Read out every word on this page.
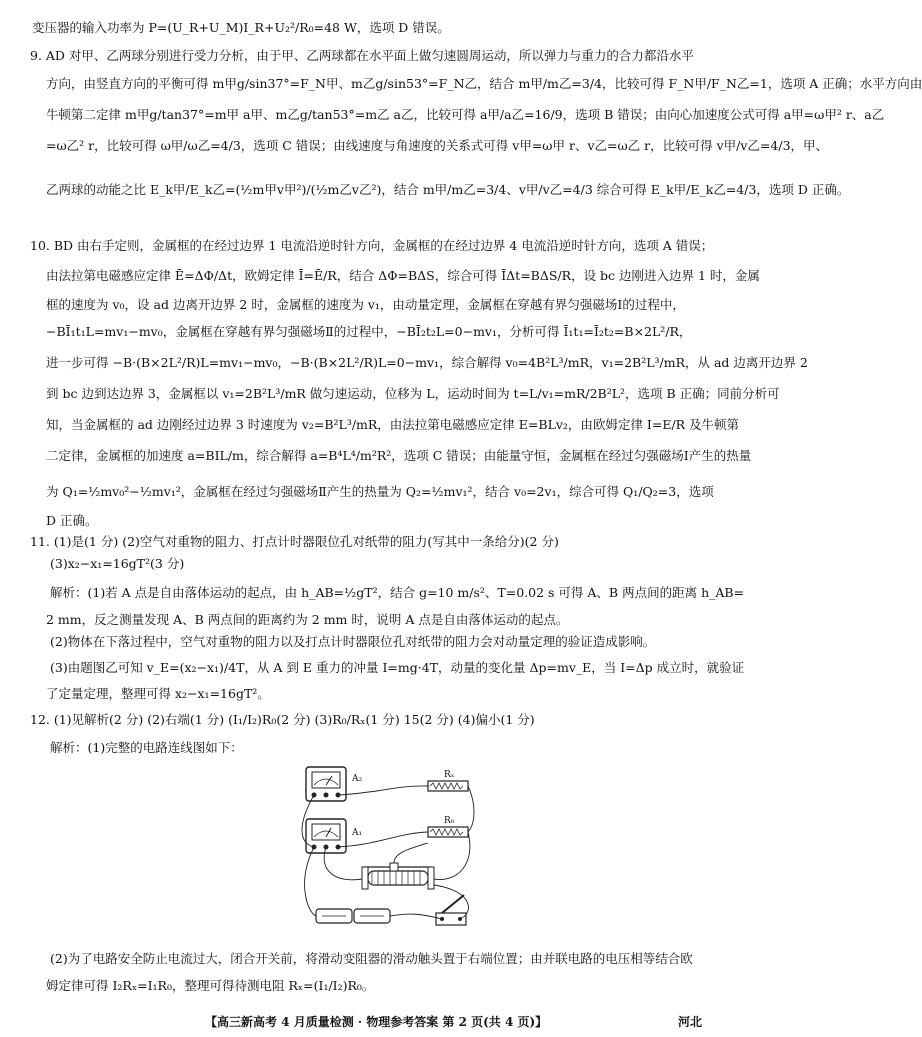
变压器的输入功率为 P=(U_R+U_M)I_R+U₂²/R₀=48 W，选项 D 错误。
9. AD 对甲、乙两球分别进行受力分析，由于甲、乙两球都在水平面上做匀速圆周运动，所以弹力与重力的合力都沿水平
方向，由竖直方向的平衡可得 m甲g/sin37°=F_N甲、m乙g/sin53°=F_N乙，结合 m甲/m乙=3/4，比较可得 F_N甲/F_N乙=1，选项 A 正确；水平方向由
牛顿第二定律 m甲g/tan37°=m甲 a甲、m乙g/tan53°=m乙 a乙，比较可得 a甲/a乙=16/9，选项 B 错误；由向心加速度公式可得 a甲=ω甲² r、a乙
=ω乙² r，比较可得 ω甲/ω乙=4/3，选项 C 错误；由线速度与角速度的关系式可得 v甲=ω甲 r、v乙=ω乙 r，比较可得 v甲/v乙=4/3，甲、
乙两球的动能之比 E_k甲/E_k乙=(½m甲v甲²)/(½m乙v乙²)，结合 m甲/m乙=3/4、v甲/v乙=4/3 综合可得 E_k甲/E_k乙=4/3，选项 D 正确。
10. BD 由右手定则，金属框的在经过边界 1 电流沿逆时针方向，金属框的在经过边界 4 电流沿逆时针方向，选项 A 错误；
由法拉第电磁感应定律 Ē=ΔΦ/Δt，欧姆定律 Ī=Ē/R，结合 ΔΦ=BΔS，综合可得 ĪΔt=BΔS/R，设 bc 边刚进入边界 1 时，金属
框的速度为 v₀，设 ad 边离开边界 2 时，金属框的速度为 v₁，由动量定理，金属框在穿越有界匀强磁场Ⅰ的过程中，
−BĪ₁t₁L=mv₁−mv₀，金属框在穿越有界匀强磁场Ⅱ的过程中，−BĪ₂t₂L=0−mv₁，分析可得 Ī₁t₁=Ī₂t₂=B×2L²/R，
进一步可得 −B·(B×2L²/R)L=mv₁−mv₀，−B·(B×2L²/R)L=0−mv₁，综合解得 v₀=4B²L³/mR，v₁=2B²L³/mR，从 ad 边离开边界 2
到 bc 边到达边界 3，金属框以 v₁=2B²L³/mR 做匀速运动，位移为 L，运动时间为 t=L/v₁=mR/2B²L²，选项 B 正确；同前分析可
知，当金属框的 ad 边刚经过边界 3 时速度为 v₂=B²L³/mR，由法拉第电磁感应定律 E=BLv₂，由欧姆定律 I=E/R 及牛顿第
二定律，金属框的加速度 a=BIL/m，综合解得 a=B⁴L⁴/m²R²，选项 C 错误；由能量守恒，金属框在经过匀强磁场Ⅰ产生的热量
为 Q₁=½mv₀²−½mv₁²，金属框在经过匀强磁场Ⅱ产生的热量为 Q₂=½mv₁²，结合 v₀=2v₁，综合可得 Q₁/Q₂=3，选项
D 正确。
11. (1)是(1 分) (2)空气对重物的阻力、打点计时器限位孔对纸带的阻力(写其中一条给分)(2 分)
(3)x₂−x₁=16gT²(3 分)
解析：(1)若 A 点是自由落体运动的起点，由 h_AB=½gT²，结合 g=10 m/s²、T=0.02 s 可得 A、B 两点间的距离 h_AB=
2 mm，反之测量发现 A、B 两点间的距离约为 2 mm 时，说明 A 点是自由落体运动的起点。
(2)物体在下落过程中，空气对重物的阻力以及打点计时器限位孔对纸带的阻力会对动量定理的验证造成影响。
(3)由题图乙可知 v_E=(x₂−x₁)/4T，从 A 到 E 重力的冲量 I=mg·4T，动量的变化量 Δp=mv_E，当 I=Δp 成立时，就验证
了定量定理，整理可得 x₂−x₁=16gT²。
12. (1)见解析(2 分) (2)右端(1 分) (I₁/I₂)R₀(2 分) (3)R₀/Rₓ(1 分) 15(2 分) (4)偏小(1 分)
解析：(1)完整的电路连线图如下：
A₂	Rₓ
R₀
A₁
(2)为了电路安全防止电流过大，闭合开关前，将滑动变阻器的滑动触头置于右端位置；由并联电路的电压相等结合欧
姆定律可得 I₂Rₓ=I₁R₀，整理可得待测电阻 Rₓ=(I₁/I₂)R₀。
【高三新高考 4 月质量检测 · 物理参考答案 第 2 页(共 4 页)】	河北
